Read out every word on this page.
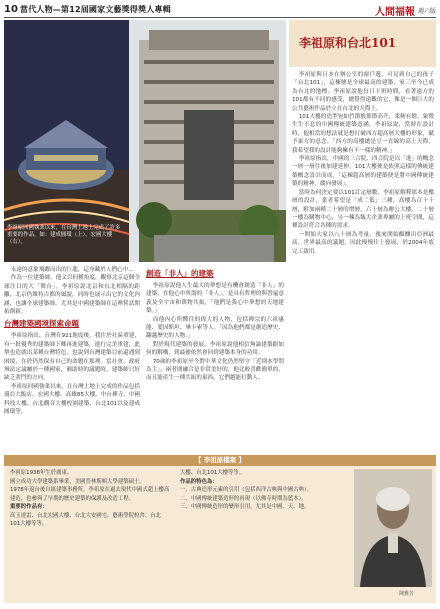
10 當代人物—第12屆國家文藝獎得獎人專輯	人間福報 週六版
李祖原回國執業以來，在台灣土地上完成了許多重要的作品，如：建成圓環（上）、宏國大樓（右）。
李祖原和台北101

李祖原與日本在辦公室的窗戶邊，可見到自己的孩子「台北101」，這棟號是全球最高的建築，家三至今已成為台北的地標。李祖原說他每日下班時間，看著遠方的101都有不同的感受，總覺得遠觀的它，像是一個巨大的公共藝術作品於立在台北的天際上。

101大樓的造型宛如竹節般節節高升，柔軔有餘，象徵生生不息的中國傳統建築意涵。李祖原說，當時在設計時，他相當的想法就是想打破西方超高層大樓的形象，賦予東方的意念。「西方的高樓總是呈一直線的高上天際，我希望我的設計能夠擁有不一樣的精神。」

李祖原指出，中國的三合院、四合院是以「進」的概念一層一層往後加建延伸，101大樓便是依照這樣的傳統建築概念設計而成，「這棟超高層的建築便是將中國傳統建築的精神，縱向發展」。

當時為何決定要以101訂定層數，李祖原解釋那本是樓層的設計，業者希望是「成二低」三種，高樓為百十十層，附加兩種二十層的增層，六十層為辦公大樓，二十層一樓為購物中心，另一棟為飯大企業專屬的上班空間，這種設計符合各種的需求。

一開始大家以八十層為考量，後來開始醞釀出亞洲最高、世界最高的議題，因此慢慢往上發展，於2004年底完工啟用。

永遠的意象飛躍而出的巨龍，這身藏於人們心中…

作為一位建築師，他又以何種角度，觀察北京這個全球注目的大「舞台」。李祖原說北京和台北相隔的距離，北京仍維持古都的風貌，同時也展示出它的文化內涵，也讓全球建築師、尤其是中國建築師在這裡嘗試開拓創新。

台灣建築國境探索命題

李祖原指出，台灣在921地震後，我住於社區重建，有一批優秀的建築師下鄉再進建築，進行完美重建，此舉也造就出某種台灣特色，也說到台灣建築目前還遇到困境，在於仍然保有自己的命題在那裡。當社會、政府無法定論屬於一種國家，補助時的議題時，建築師只好缺乏著門的方向。

李祖原回國執業以來，在台灣土地上完成的作品包括環亞大飯店、宏國大樓、高雄85大樓、中台禪寺、中國科技大樓、台北觀音大樓校園建築、台北101以及建成圓環等。

創造「非人」的建築

李祖原說他人生最大的夢想是有機會創造「非人」的建築，在他心中所謂的「非人」，是具有哲理的與普遍意義及全宇宙和萬物共振，「他們是我心中夢想的天地建築。」

而他內心所嚮往的偉大的人物，包括禪宗的六祖惠能、愛因斯坦、畢卡索等人。「因為他們都是創造歷史、翻越歷史的人物。」

對於現代建築的發展，李祖原說他相信無論建築跟如何的解構，到最後依然會回到建築本身的功用。

70歲的李祖原至今對中華文化仍然堅守「近則本學問為主」，兩者間融合是非常美好的，他比較喜歡簡單的，而且能產生一種共振的東西，它們越能打動人。

【 李祖原檔案 】

李祖原1938年生於廣東。

國立成功大學建築系畢業，美國普林斯頓大學建築碩士。

1978年返台後自組建築事務所。李祖原在過去現代中國式超上樓高建造，也參與了早期的歷史建築的保護及改造工程。

重要的作品有：

高玉達雷、台北宏國大樓、台北大安國宅、藝術學院校舍、台北101大樓等等。

大樓、台北101大樓等等。

作品的特色為：

一、古典造形元素的引用（包括西洋古典與中國古典）。

二、中國傳統建築造形的再現（以佛寺時期為藍本）。

三、中國傳統造形的變形引用，尤其是中國、天、地。

陳雅芳
